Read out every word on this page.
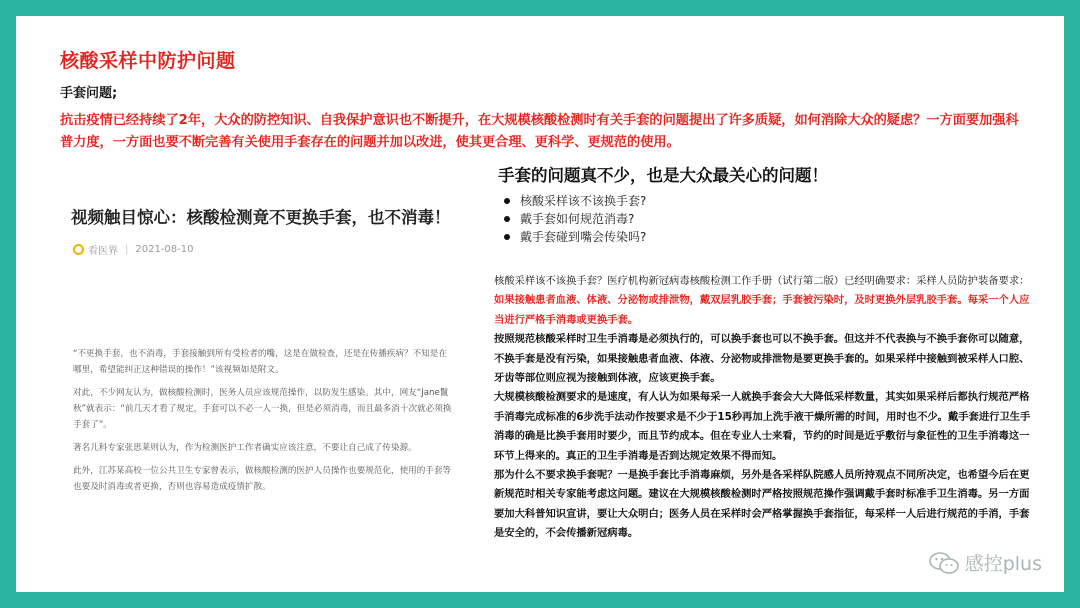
核酸采样中防护问题
手套问题;
抗击疫情已经持续了2年，大众的防控知识、自我保护意识也不断提升，在大规模核酸检测时有关手套的问题提出了许多质疑，如何消除大众的疑虑？一方面要加强科普力度，一方面也要不断完善有关使用手套存在的问题并加以改进，使其更合理、更科学、更规范的使用。
视频触目惊心：核酸检测竟不更换手套，也不消毒！
看医界 | 2021-08-10

“不更换手套，也不消毒，手套接触到所有受检者的嘴，这是在做检查，还是在传播疾病？不知是在哪里，希望能纠正这种错误的操作！”该视频如是附文。

对此，不少网友认为，做核酸检测时，医务人员应该规范操作，以防发生感染。其中，网友“Jane鬣秋”就表示：“前几天才看了规定，手套可以不必一人一换，但是必须消毒，而且最多消十次就必须换手套了”。

著名儿科专家张思莱则认为，作为检测医护工作者确实应该注意，不要让自己成了传染源。

此外，江苏某高校一位公共卫生专家曾表示，做核酸检测的医护人员操作也要规范化，使用的手套等也要及时消毒或者更换，否则也容易造成疫情扩散。

手套的问题真不少，也是大众最关心的问题！
核酸采样该不该换手套?
戴手套如何规范消毒?
戴手套碰到嘴会传染吗?

核酸采样该不该换手套？医疗机构新冠病毒核酸检测工作手册（试行第二版）已经明确要求：采样人员防护装备要求：如果接触患者血液、体液、分泌物或排泄物，戴双层乳胶手套；手套被污染时，及时更换外层乳胶手套。每采一个人应当进行严格手消毒或更换手套。

按照规范核酸采样时卫生手消毒是必须执行的，可以换手套也可以不换手套。但这并不代表换与不换手套你可以随意，不换手套是没有污染，如果接触患者血液、体液、分泌物或排泄物是要更换手套的。如果采样中接触到被采样人口腔、牙齿等部位则应视为接触到体液，应该更换手套。

大规模核酸检测要求的是速度，有人认为如果每采一人就换手套会大大降低采样数量，其实如果采样后都执行规范严格手消毒完成标准的6步洗手法动作按要求是不少于15秒再加上洗手液干燥所需的时间，用时也不少。戴手套进行卫生手消毒的确是比换手套用时要少，而且节约成本。但在专业人士来看，节约的时间是近乎敷衍与象征性的卫生手消毒这一环节上得来的。真正的卫生手消毒是否到达规定效果不得而知。

那为什么不要求换手套呢？一是换手套比手消毒麻烦，另外是各采样队院感人员所持观点不同所决定，也希望今后在更新规范时相关专家能考虑这问题。建议在大规模核酸检测时严格按照规范操作强调戴手套时标准手卫生消毒。另一方面要加大科普知识宣讲，要让大众明白；医务人员在采样时会严格掌握换手套指征，每采样一人后进行规范的手消，手套是安全的，不会传播新冠病毒。

感控plus
